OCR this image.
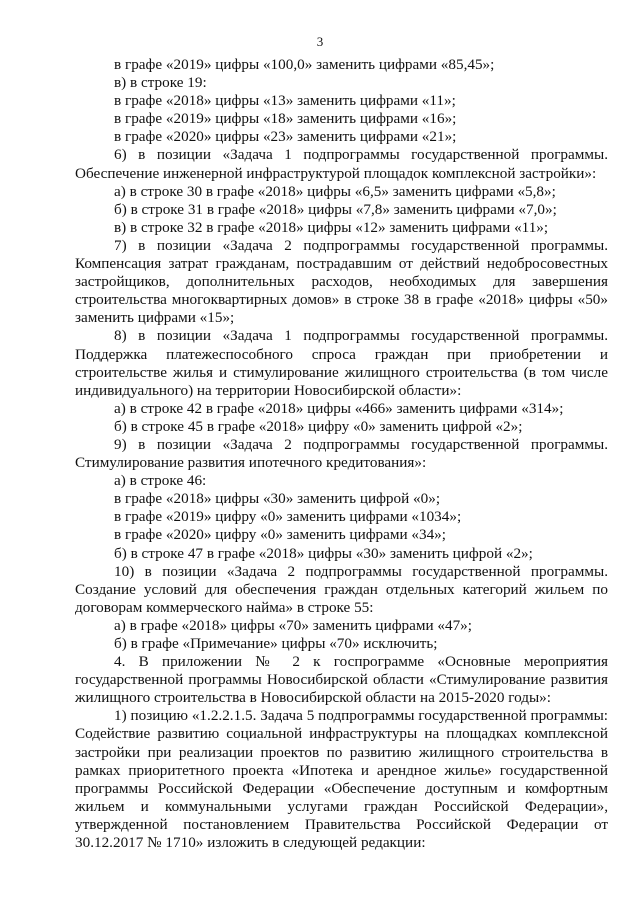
3

в графе «2019» цифры «100,0» заменить цифрами «85,45»;

в) в строке 19:

в графе «2018» цифры «13» заменить цифрами «11»;

в графе «2019» цифры «18» заменить цифрами «16»;

в графе «2020» цифры «23» заменить цифрами «21»;

6) в позиции «Задача 1 подпрограммы государственной программы. Обеспечение инженерной инфраструктурой площадок комплексной застройки»:

а) в строке 30 в графе «2018» цифры «6,5» заменить цифрами «5,8»;

б) в строке 31 в графе «2018» цифры «7,8» заменить цифрами «7,0»;

в) в строке 32 в графе «2018» цифры «12» заменить цифрами «11»;

7) в позиции «Задача 2 подпрограммы государственной программы. Компенсация затрат гражданам, пострадавшим от действий недобросовестных застройщиков, дополнительных расходов, необходимых для завершения строительства многоквартирных домов» в строке 38 в графе «2018» цифры «50» заменить цифрами «15»;

8) в позиции «Задача 1 подпрограммы государственной программы. Поддержка платежеспособного спроса граждан при приобретении и строительстве жилья и стимулирование жилищного строительства (в том числе индивидуального) на территории Новосибирской области»:

а) в строке 42 в графе «2018» цифры «466» заменить цифрами «314»;

б) в строке 45 в графе «2018» цифру «0» заменить цифрой «2»;

9) в позиции «Задача 2 подпрограммы государственной программы. Стимулирование развития ипотечного кредитования»:

а) в строке 46:

в графе «2018» цифры «30» заменить цифрой «0»;

в графе «2019» цифру «0» заменить цифрами «1034»;

в графе «2020» цифру «0» заменить цифрами «34»;

б) в строке 47 в графе «2018» цифры «30» заменить цифрой «2»;

10) в позиции «Задача 2 подпрограммы государственной программы. Создание условий для обеспечения граждан отдельных категорий жильем по договорам коммерческого найма» в строке 55:

а) в графе «2018» цифры «70» заменить цифрами «47»;

б) в графе «Примечание» цифры «70» исключить;

4. В приложении № 2 к госпрограмме «Основные мероприятия государственной программы Новосибирской области «Стимулирование развития жилищного строительства в Новосибирской области на 2015-2020 годы»:

1) позицию «1.2.2.1.5. Задача 5 подпрограммы государственной программы: Содействие развитию социальной инфраструктуры на площадках комплексной застройки при реализации проектов по развитию жилищного строительства в рамках приоритетного проекта «Ипотека и арендное жилье» государственной программы Российской Федерации «Обеспечение доступным и комфортным жильем и коммунальными услугами граждан Российской Федерации», утвержденной постановлением Правительства Российской Федерации от 30.12.2017 № 1710» изложить в следующей редакции:
